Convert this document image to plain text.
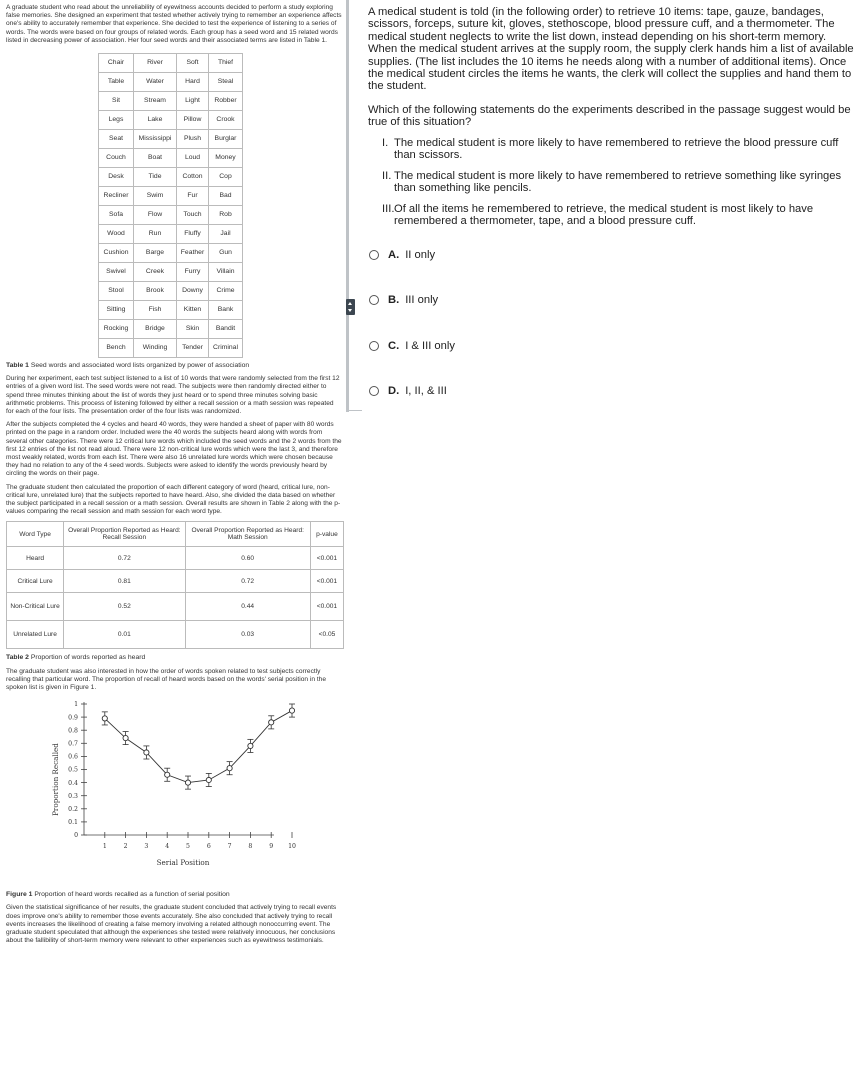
A graduate student who read about the unreliability of eyewitness accounts decided to perform a study exploring false memories. She designed an experiment that tested whether actively trying to remember an experience affects one's ability to accurately remember that experience. She decided to test the experience of listening to a series of words. The words were based on four groups of related words. Each group has a seed word and 15 related words listed in decreasing power of association. Her four seed words and their associated terms are listed in Table 1.

Chair	River	Soft	Thief
Table	Water	Hard	Steal
Sit	Stream	Light	Robber
Legs	Lake	Pillow	Crook
Seat	Mississippi	Plush	Burglar
Couch	Boat	Loud	Money
Desk	Tide	Cotton	Cop
Recliner	Swim	Fur	Bad
Sofa	Flow	Touch	Rob
Wood	Run	Fluffy	Jail
Cushion	Barge	Feather	Gun
Swivel	Creek	Furry	Villain
Stool	Brook	Downy	Crime
Sitting	Fish	Kitten	Bank
Rocking	Bridge	Skin	Bandit
Bench	Winding	Tender	Criminal
Table 1 Seed words and associated word lists organized by power of association

During her experiment, each test subject listened to a list of 10 words that were randomly selected from the first 12 entries of a given word list. The seed words were not read. The subjects were then randomly directed either to spend three minutes thinking about the list of words they just heard or to spend three minutes solving basic arithmetic problems. This process of listening followed by either a recall session or a math session was repeated for each of the four lists. The presentation order of the four lists was randomized.

After the subjects completed the 4 cycles and heard 40 words, they were handed a sheet of paper with 80 words printed on the page in a random order. Included were the 40 words the subjects heard along with words from several other categories. There were 12 critical lure words which included the seed words and the 2 words from the first 12 entries of the list not read aloud. There were 12 non-critical lure words which were the last 3, and therefore most weakly related, words from each list. There were also 16 unrelated lure words which were chosen because they had no relation to any of the 4 seed words. Subjects were asked to identify the words previously heard by circling the words on their page.

The graduate student then calculated the proportion of each different category of word (heard, critical lure, non-critical lure, unrelated lure) that the subjects reported to have heard. Also, she divided the data based on whether the subject participated in a recall session or a math session. Overall results are shown in Table 2 along with the p-values comparing the recall session and math session for each word type.

Word Type	Overall Proportion Reported as Heard: Recall Session	Overall Proportion Reported as Heard: Math Session	p-value
Heard	0.72	0.60	<0.001
Critical Lure	0.81	0.72	<0.001
Non-Critical Lure	0.52	0.44	<0.001
Unrelated Lure	0.01	0.03	<0.05
Table 2 Proportion of words reported as heard

The graduate student was also interested in how the order of words spoken related to test subjects correctly recalling that particular word. The proportion of recall of heard words based on the words' serial position in the spoken list is given in Figure 1.

0
0.1
0.2
0.3
0.4
0.5
0.6
0.7
0.8
0.9
1
1	2	3	4	5	6	7	8	9 10
Serial Position
Proportion Recalled
Figure 1 Proportion of heard words recalled as a function of serial position

Given the statistical significance of her results, the graduate student concluded that actively trying to recall events does improve one's ability to remember those events accurately. She also concluded that actively trying to recall events increases the likelihood of creating a false memory involving a related although nonoccurring event. The graduate student speculated that although the experiences she tested were relatively innocuous, her conclusions about the fallibility of short-term memory were relevant to other experiences such as eyewitness testimonials.

A medical student is told (in the following order) to retrieve 10 items: tape, gauze, bandages, scissors, forceps, suture kit, gloves, stethoscope, blood pressure cuff, and a thermometer. The medical student neglects to write the list down, instead depending on his short-term memory. When the medical student arrives at the supply room, the supply clerk hands him a list of available supplies. (The list includes the 10 items he needs along with a number of additional items). Once the medical student circles the items he wants, the clerk will collect the supplies and hand them to the student.

Which of the following statements do the experiments described in the passage suggest would be true of this situation?

I. The medical student is more likely to have remembered to retrieve the blood pressure cuff than scissors.
II. The medical student is more likely to have remembered to retrieve something like syringes than something like pencils.
III. Of all the items he remembered to retrieve, the medical student is most likely to have remembered a thermometer, tape, and a blood pressure cuff.
A. II only
B. III only
C. I & III only
D. I, II, & III
